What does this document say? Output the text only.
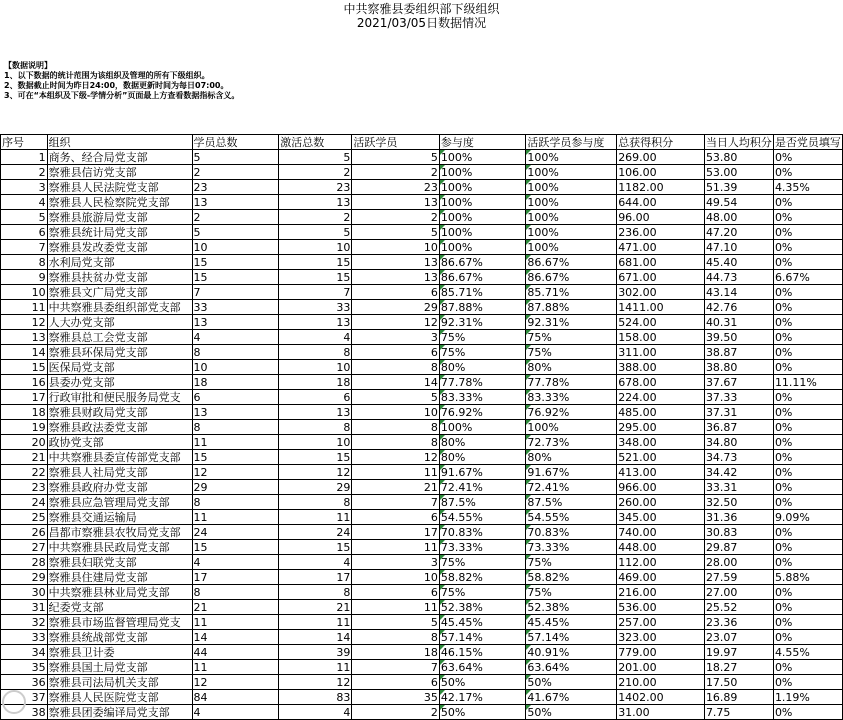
中共察雅县委组织部下级组织
2021/03/05日数据情况
【数据说明】
1、以下数据的统计范围为该组织及管理的所有下级组织。
2、数据截止时间为昨日24:00，数据更新时间为每日07:00。
3、可在“本组织及下级-学情分析”页面最上方查看数据指标含义。
序号	组织	学员总数	激活总数	活跃学员	参与度	活跃学员参与度	总获得积分	当日人均积分	是否党员填写
1	商务、经合局党支部	5	5	5	100%	100%	269.00	53.80	0%
2	察雅县信访党支部	2	2	2	100%	100%	106.00	53.00	0%
3	察雅县人民法院党支部	23	23	23	100%	100%	1182.00	51.39	4.35%
4	察雅县人民检察院党支部	13	13	13	100%	100%	644.00	49.54	0%
5	察雅县旅游局党支部	2	2	2	100%	100%	96.00	48.00	0%
6	察雅县统计局党支部	5	5	5	100%	100%	236.00	47.20	0%
7	察雅县发改委党支部	10	10	10	100%	100%	471.00	47.10	0%
8	水利局党支部	15	15	13	86.67%	86.67%	681.00	45.40	0%
9	察雅县扶贫办党支部	15	15	13	86.67%	86.67%	671.00	44.73	6.67%
10	察雅县文广局党支部	7	7	6	85.71%	85.71%	302.00	43.14	0%
11	中共察雅县委组织部党支部	33	33	29	87.88%	87.88%	1411.00	42.76	0%
12	人大办党支部	13	13	12	92.31%	92.31%	524.00	40.31	0%
13	察雅县总工会党支部	4	4	3	75%	75%	158.00	39.50	0%
14	察雅县环保局党支部	8	8	6	75%	75%	311.00	38.87	0%
15	医保局党支部	10	10	8	80%	80%	388.00	38.80	0%
16	县委办党支部	18	18	14	77.78%	77.78%	678.00	37.67	11.11%
17	行政审批和便民服务局党支	6	6	5	83.33%	83.33%	224.00	37.33	0%
18	察雅县财政局党支部	13	13	10	76.92%	76.92%	485.00	37.31	0%
19	察雅县政法委党支部	8	8	8	100%	100%	295.00	36.87	0%
20	政协党支部	11	10	8	80%	72.73%	348.00	34.80	0%
21	中共察雅县委宣传部党支部	15	15	12	80%	80%	521.00	34.73	0%
22	察雅县人社局党支部	12	12	11	91.67%	91.67%	413.00	34.42	0%
23	察雅县政府办党支部	29	29	21	72.41%	72.41%	966.00	33.31	0%
24	察雅县应急管理局党支部	8	8	7	87.5%	87.5%	260.00	32.50	0%
25	察雅县交通运输局	11	11	6	54.55%	54.55%	345.00	31.36	9.09%
26	昌都市察雅县农牧局党支部	24	24	17	70.83%	70.83%	740.00	30.83	0%
27	中共察雅县民政局党支部	15	15	11	73.33%	73.33%	448.00	29.87	0%
28	察雅县妇联党支部	4	4	3	75%	75%	112.00	28.00	0%
29	察雅县住建局党支部	17	17	10	58.82%	58.82%	469.00	27.59	5.88%
30	中共察雅县林业局党支部	8	8	6	75%	75%	216.00	27.00	0%
31	纪委党支部	21	21	11	52.38%	52.38%	536.00	25.52	0%
32	察雅县市场监督管理局党支	11	11	5	45.45%	45.45%	257.00	23.36	0%
33	察雅县统战部党支部	14	14	8	57.14%	57.14%	323.00	23.07	0%
34	察雅县卫计委	44	39	18	46.15%	40.91%	779.00	19.97	4.55%
35	察雅县国土局党支部	11	11	7	63.64%	63.64%	201.00	18.27	0%
36	察雅县司法局机关支部	12	12	6	50%	50%	210.00	17.50	0%
37	察雅县人民医院党支部	84	83	35	42.17%	41.67%	1402.00	16.89	1.19%
38	察雅县团委编译局党支部	4	4	2	50%	50%	31.00	7.75	0%
